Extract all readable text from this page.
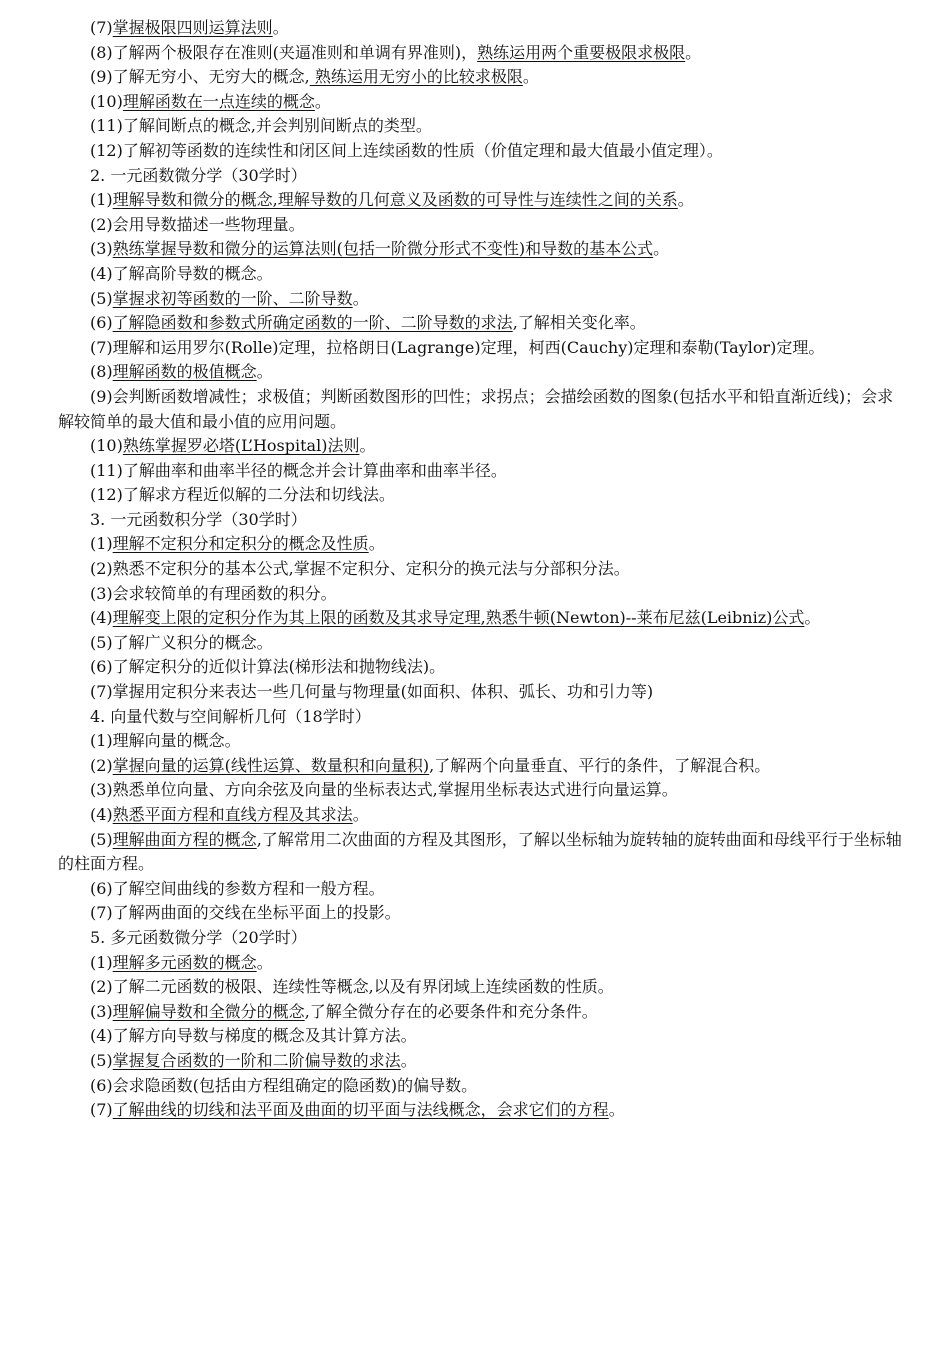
(7)掌握极限四则运算法则。
(8)了解两个极限存在准则(夹逼准则和单调有界准则)，熟练运用两个重要极限求极限。
(9)了解无穷小、无穷大的概念, 熟练运用无穷小的比较求极限。
(10)理解函数在一点连续的概念。
(11)了解间断点的概念,并会判别间断点的类型。
(12)了解初等函数的连续性和闭区间上连续函数的性质（价值定理和最大值最小值定理）。
2. 一元函数微分学（30学时）
(1)理解导数和微分的概念,理解导数的几何意义及函数的可导性与连续性之间的关系。
(2)会用导数描述一些物理量。
(3)熟练掌握导数和微分的运算法则(包括一阶微分形式不变性)和导数的基本公式。
(4)了解高阶导数的概念。
(5)掌握求初等函数的一阶、二阶导数。
(6)了解隐函数和参数式所确定函数的一阶、二阶导数的求法,了解相关变化率。
(7)理解和运用罗尔(Rolle)定理，拉格朗日(Lagrange)定理，柯西(Cauchy)定理和泰勒(Taylor)定理。
(8)理解函数的极值概念。
(9)会判断函数增减性；求极值；判断函数图形的凹性；求拐点；会描绘函数的图象(包括水平和铅直渐近线)；会求解较简单的最大值和最小值的应用问题。
(10)熟练掌握罗必塔(L’Hospital)法则。
(11)了解曲率和曲率半径的概念并会计算曲率和曲率半径。
(12)了解求方程近似解的二分法和切线法。
3. 一元函数积分学（30学时）
(1)理解不定积分和定积分的概念及性质。
(2)熟悉不定积分的基本公式,掌握不定积分、定积分的换元法与分部积分法。
(3)会求较简单的有理函数的积分。
(4)理解变上限的定积分作为其上限的函数及其求导定理,熟悉牛顿(Newton)--莱布尼兹(Leibniz)公式。
(5)了解广义积分的概念。
(6)了解定积分的近似计算法(梯形法和抛物线法)。
(7)掌握用定积分来表达一些几何量与物理量(如面积、体积、弧长、功和引力等)
4. 向量代数与空间解析几何（18学时）
(1)理解向量的概念。
(2)掌握向量的运算(线性运算、数量积和向量积),了解两个向量垂直、平行的条件，了解混合积。
(3)熟悉单位向量、方向余弦及向量的坐标表达式,掌握用坐标表达式进行向量运算。
(4)熟悉平面方程和直线方程及其求法。
(5)理解曲面方程的概念,了解常用二次曲面的方程及其图形，了解以坐标轴为旋转轴的旋转曲面和母线平行于坐标轴的柱面方程。
(6)了解空间曲线的参数方程和一般方程。
(7)了解两曲面的交线在坐标平面上的投影。
5. 多元函数微分学（20学时）
(1)理解多元函数的概念。
(2)了解二元函数的极限、连续性等概念,以及有界闭域上连续函数的性质。
(3)理解偏导数和全微分的概念,了解全微分存在的必要条件和充分条件。
(4)了解方向导数与梯度的概念及其计算方法。
(5)掌握复合函数的一阶和二阶偏导数的求法。
(6)会求隐函数(包括由方程组确定的隐函数)的偏导数。
(7)了解曲线的切线和法平面及曲面的切平面与法线概念，会求它们的方程。
